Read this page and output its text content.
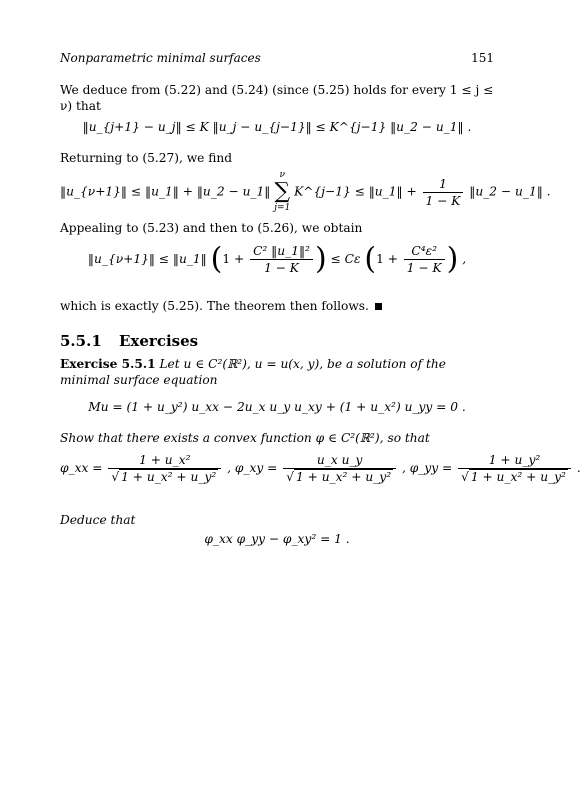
Nonparametric minimal surfaces	151
We deduce from (5.22) and (5.24) (since (5.25) holds for every 1 ≤ j ≤ ν) that
‖u_{j+1} − u_j‖ ≤ K ‖u_j − u_{j−1}‖ ≤ K^{j−1} ‖u_2 − u_1‖ .
Returning to (5.27), we find
‖u_{ν+1}‖ ≤ ‖u_1‖ + ‖u_2 − u_1‖
ν
∑
j=1
K^{j−1} ≤ ‖u_1‖ + $\frac{1}{1 - K}$ ‖u_2 − u_1‖ .
Appealing to (5.23) and then to (5.26), we obtain
‖u_{ν+1}‖ ≤ ‖u_1‖ ($1 + \frac{\text{C² ‖u\_1‖²}}{1 - K}$ ) ≤ Cε ($1 + \frac{\text{C⁴ε²}}{1 - K}$ ) ,
which is exactly (5.25). The theorem then follows.
5.5.1 Exercises
Exercise 5.5.1 Let u ∈ C²(ℝ²), u = u(x, y), be a solution of the minimal surface equation
Mu = (1 + u_y²) u_xx − 2u_x u_y u_xy + (1 + u_x²) u_yy = 0 .
Show that there exists a convex function φ ∈ C²(ℝ²), so that
φ_xx = $\frac{\text{1 + u\_x²}}{\text{√ 1 + u\_x² + u\_y²}}$ , φ_xy = $\frac{\text{u\_x u\_y}}{\text{√ 1 + u\_x² + u\_y²}}$ , φ_yy = $\frac{\text{1 + u\_y²}}{\text{√ 1 + u\_x² + u\_y²}}$ .
Deduce that
φ_xx φ_yy − φ_xy² = 1 .
